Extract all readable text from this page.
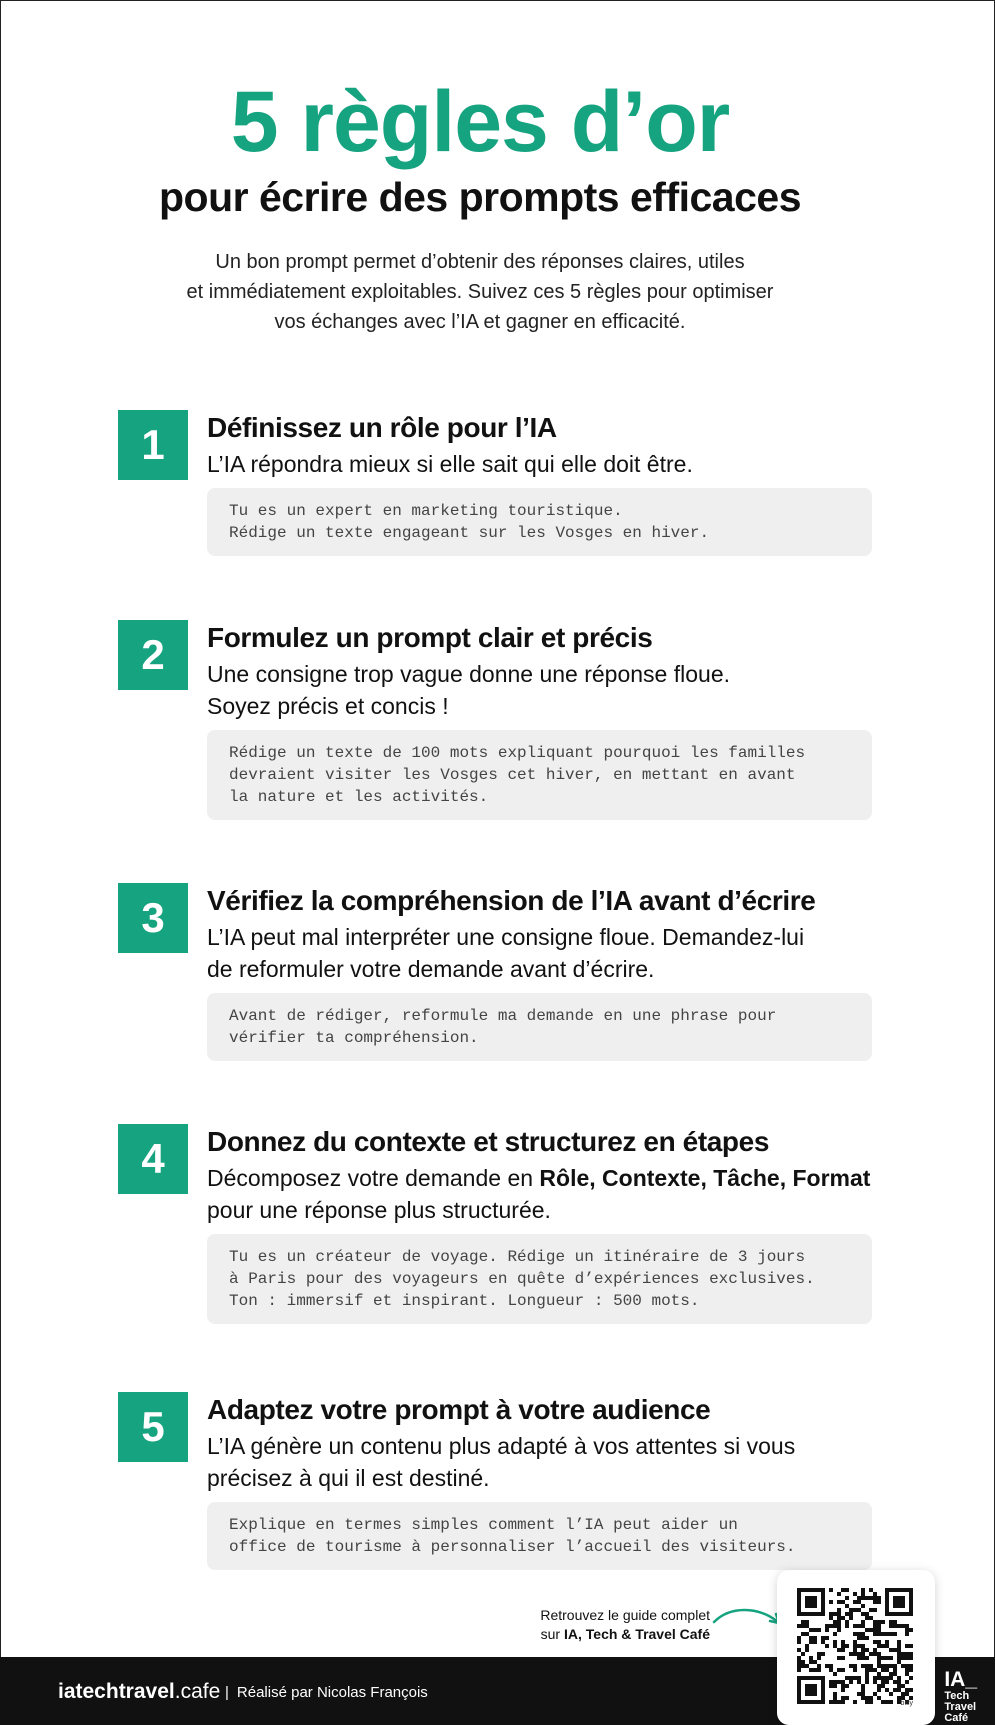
5 règles d’or
pour écrire des prompts efficaces

Un bon prompt permet d’obtenir des réponses claires, utiles
et immédiatement exploitables. Suivez ces 5 règles pour optimiser
vos échanges avec l’IA et gagner en efficacité.

1	Définissez un rôle pour l’IA
L’IA répondra mieux si elle sait qui elle doit être.
Tu es un expert en marketing touristique.
Rédige un texte engageant sur les Vosges en hiver.
2	Formulez un prompt clair et précis
Une consigne trop vague donne une réponse floue.
Soyez précis et concis !
Rédige un texte de 100 mots expliquant pourquoi les familles
devraient visiter les Vosges cet hiver, en mettant en avant
la nature et les activités.
3	Vérifiez la compréhension de l’IA avant d’écrire
L’IA peut mal interpréter une consigne floue. Demandez-lui
de reformuler votre demande avant d’écrire.
Avant de rédiger, reformule ma demande en une phrase pour
vérifier ta compréhension.
4	Donnez du contexte et structurez en étapes
Décomposez votre demande en Rôle, Contexte, Tâche, Format
pour une réponse plus structurée.
Tu es un créateur de voyage. Rédige un itinéraire de 3 jours
à Paris pour des voyageurs en quête d’expériences exclusives.
Ton : immersif et inspirant. Longueur : 500 mots.
5	Adaptez votre prompt à votre audience
L’IA génère un contenu plus adapté à vos attentes si vous
précisez à qui il est destiné.
Explique en termes simples comment l’IA peut aider un
office de tourisme à personnaliser l’accueil des visiteurs.
Retrouvez le guide complet
sur IA, Tech & Travel Café
iatechtravel.cafe | Réalisé par Nicolas François
IA_
Tech
Travel
Café
bitly
